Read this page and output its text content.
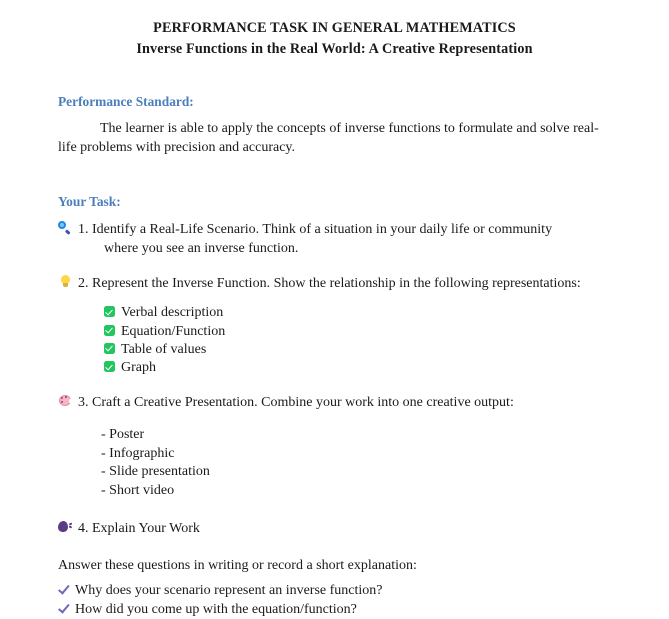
PERFORMANCE TASK IN GENERAL MATHEMATICS
Inverse Functions in the Real World: A Creative Representation
Performance Standard:

The learner is able to apply the concepts of inverse functions to formulate and solve real-life problems with precision and accuracy.

Your Task:
1. Identify a Real-Life Scenario. Think of a situation in your daily life or community
where you see an inverse function.
2. Represent the Inverse Function. Show the relationship in the following representations:
Verbal description
Equation/Function
Table of values
Graph
3. Craft a Creative Presentation. Combine your work into one creative output:
- Poster
- Infographic
- Slide presentation
- Short video
4. Explain Your Work

Answer these questions in writing or record a short explanation:

Why does your scenario represent an inverse function?
How did you come up with the equation/function?
